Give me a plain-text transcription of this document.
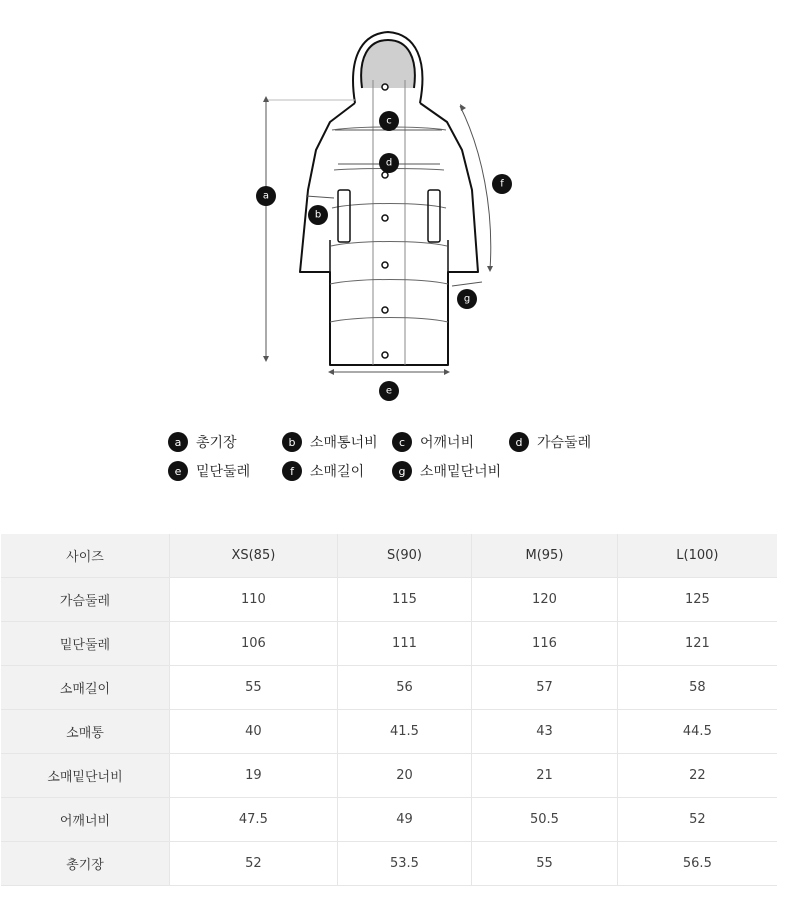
a
b
c
d
e
f
g
a	총기장	b	소매통너비	c	어깨너비	d	가슴둘레
e	밑단둘레	f	소매길이	g	소매밑단너비
사이즈	XS(85)	S(90)	M(95)	L(100)
가슴둘레	110	115	120	125
밑단둘레	106	111	116	121
소매길이	55	56	57	58
소매통	40	41.5	43	44.5
소매밑단너비	19	20	21	22
어깨너비	47.5	49	50.5	52
총기장	52	53.5	55	56.5
